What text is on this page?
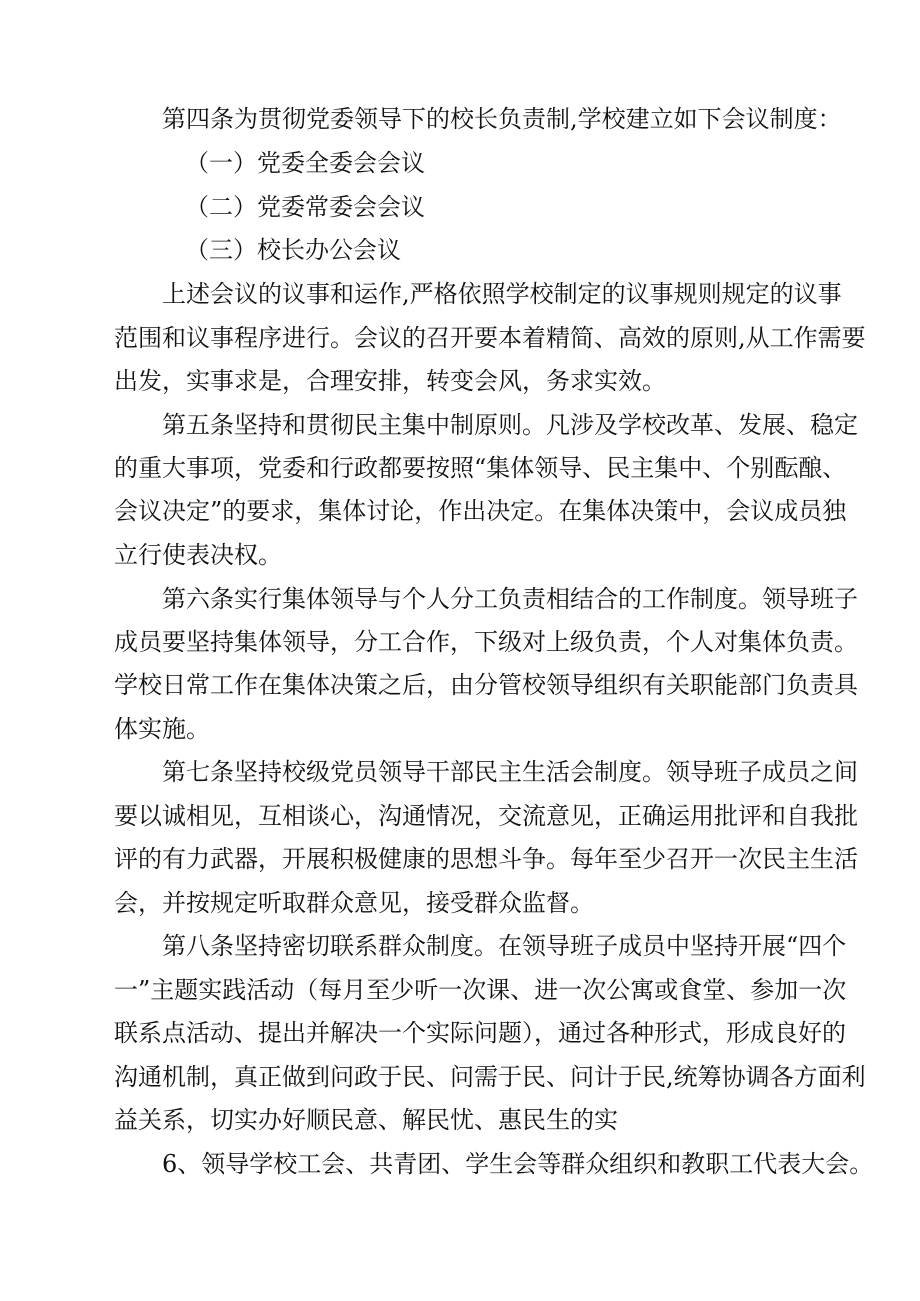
第四条为贯彻党委领导下的校长负责制,学校建立如下会议制度：
（一）党委全委会会议
（二）党委常委会会议
（三）校长办公会议
上述会议的议事和运作,严格依照学校制定的议事规则规定的议事
范围和议事程序进行。会议的召开要本着精简、高效的原则,从工作需要
出发，实事求是，合理安排，转变会风，务求实效。
第五条坚持和贯彻民主集中制原则。凡涉及学校改革、发展、稳定
的重大事项，党委和行政都要按照“集体领导、民主集中、个别酝酿、
会议决定”的要求，集体讨论，作出决定。在集体决策中，会议成员独
立行使表决权。
第六条实行集体领导与个人分工负责相结合的工作制度。领导班子
成员要坚持集体领导，分工合作，下级对上级负责，个人对集体负责。
学校日常工作在集体决策之后，由分管校领导组织有关职能部门负责具
体实施。
第七条坚持校级党员领导干部民主生活会制度。领导班子成员之间
要以诚相见，互相谈心，沟通情况，交流意见，正确运用批评和自我批
评的有力武器，开展积极健康的思想斗争。每年至少召开一次民主生活
会，并按规定听取群众意见，接受群众监督。
第八条坚持密切联系群众制度。在领导班子成员中坚持开展“四个
一”主题实践活动（每月至少听一次课、进一次公寓或食堂、参加一次
联系点活动、提出并解决一个实际问题），通过各种形式，形成良好的
沟通机制，真正做到问政于民、问需于民、问计于民,统筹协调各方面利
益关系，切实办好顺民意、解民忧、惠民生的实
6、领导学校工会、共青团、学生会等群众组织和教职工代表大会。
